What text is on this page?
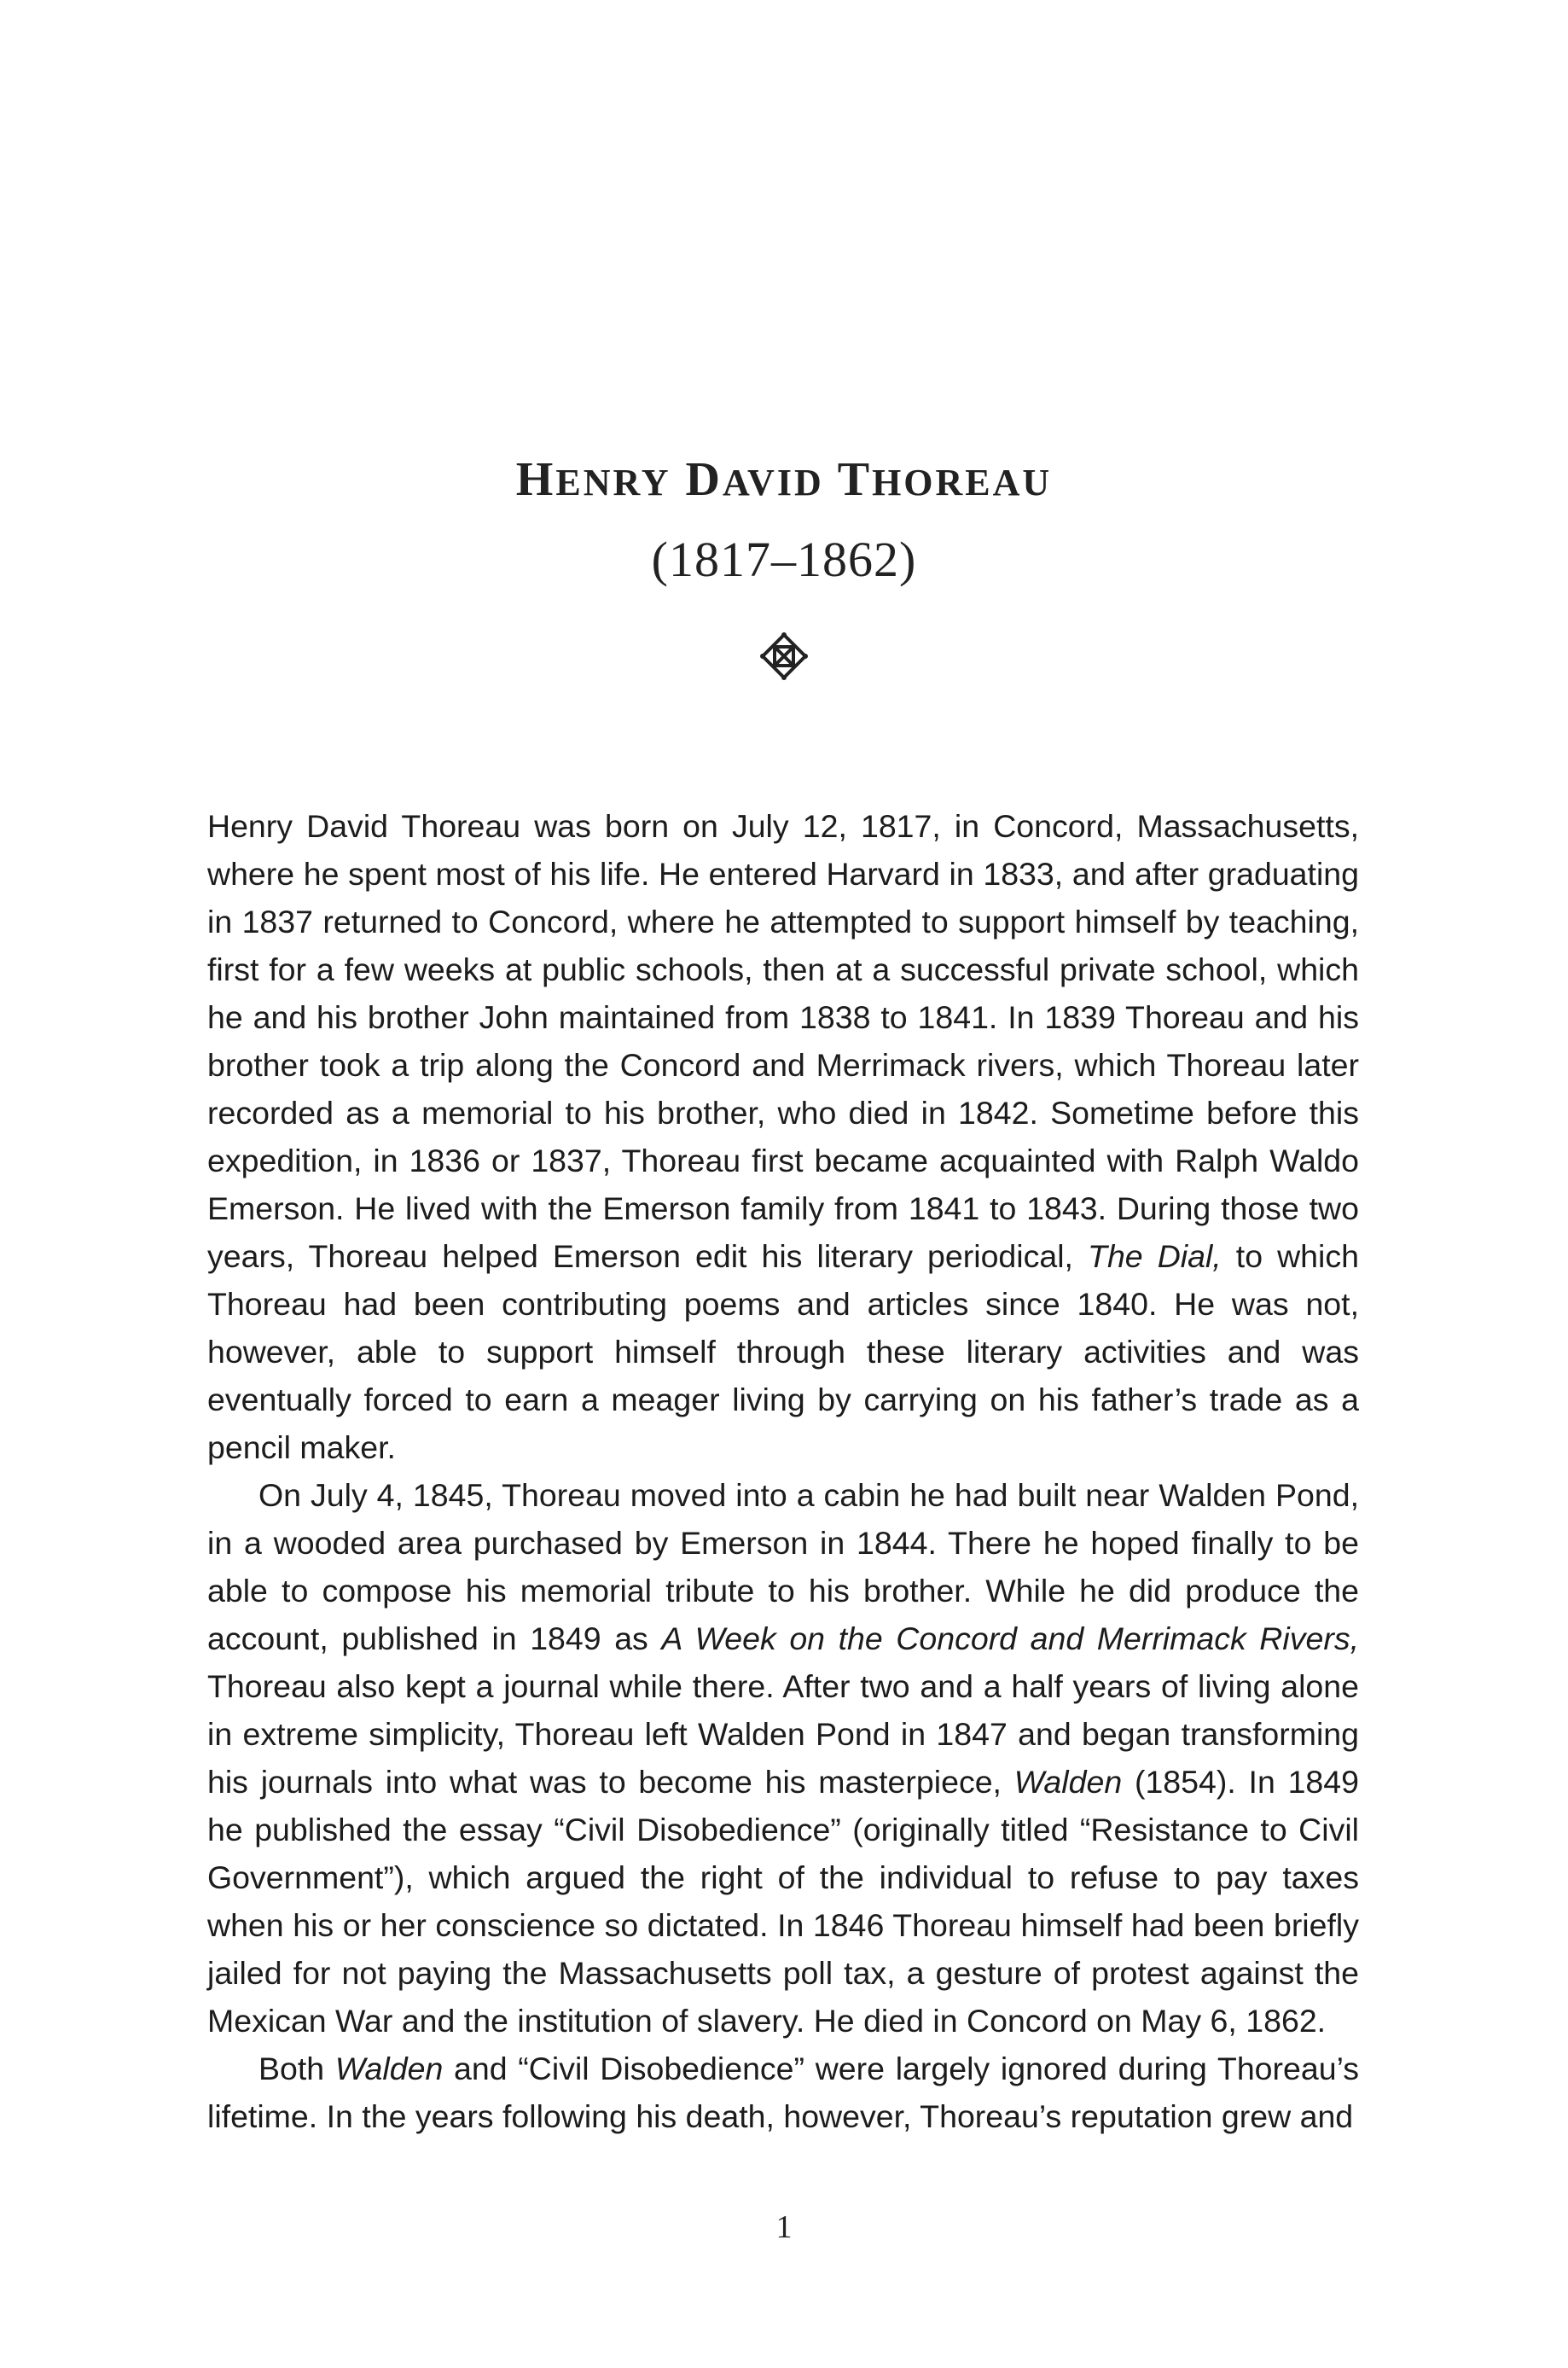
HENRY DAVID THOREAU
(1817–1862)

Henry David Thoreau was born on July 12, 1817, in Concord, Massachusetts, where he spent most of his life. He entered Harvard in 1833, and after graduating in 1837 returned to Concord, where he attempted to support himself by teaching, first for a few weeks at public schools, then at a successful private school, which he and his brother John maintained from 1838 to 1841. In 1839 Thoreau and his brother took a trip along the Concord and Merrimack rivers, which Thoreau later recorded as a memorial to his brother, who died in 1842. Sometime before this expedition, in 1836 or 1837, Thoreau first became acquainted with Ralph Waldo Emerson. He lived with the Emerson family from 1841 to 1843. During those two years, Thoreau helped Emerson edit his literary periodical, The Dial, to which Thoreau had been contributing poems and articles since 1840. He was not, however, able to support himself through these literary activities and was eventually forced to earn a meager living by carrying on his father’s trade as a pencil maker.

On July 4, 1845, Thoreau moved into a cabin he had built near Walden Pond, in a wooded area purchased by Emerson in 1844. There he hoped finally to be able to compose his memorial tribute to his brother. While he did produce the account, published in 1849 as A Week on the Concord and Merrimack Rivers, Thoreau also kept a journal while there. After two and a half years of living alone in extreme simplicity, Thoreau left Walden Pond in 1847 and began transforming his journals into what was to become his masterpiece, Walden (1854). In 1849 he published the essay “Civil Disobedience” (originally titled “Resistance to Civil Government”), which argued the right of the individual to refuse to pay taxes when his or her conscience so dictated. In 1846 Thoreau himself had been briefly jailed for not paying the Massachusetts poll tax, a gesture of protest against the Mexican War and the institution of slavery. He died in Concord on May 6, 1862.

Both Walden and “Civil Disobedience” were largely ignored during Thoreau’s lifetime. In the years following his death, however, Thoreau’s reputation grew and

1
